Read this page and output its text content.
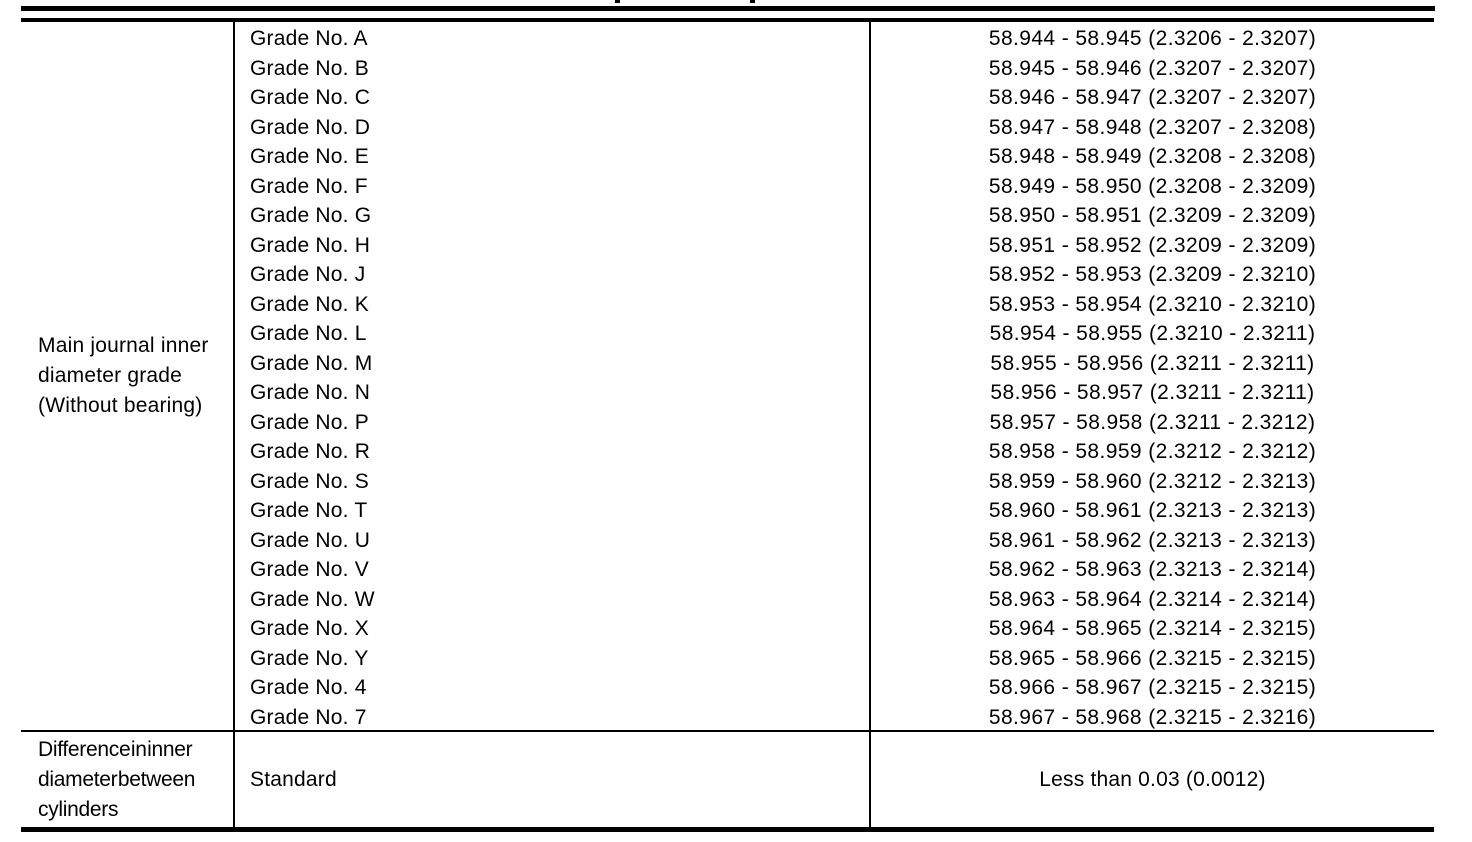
Main journal inner
diameter grade
(Without bearing)
Grade No. A
Grade No. B
Grade No. C
Grade No. D
Grade No. E
Grade No. F
Grade No. G
Grade No. H
Grade No. J
Grade No. K
Grade No. L
Grade No. M
Grade No. N
Grade No. P
Grade No. R
Grade No. S
Grade No. T
Grade No. U
Grade No. V
Grade No. W
Grade No. X
Grade No. Y
Grade No. 4
Grade No. 7
58.944 - 58.945 (2.3206 - 2.3207)
58.945 - 58.946 (2.3207 - 2.3207)
58.946 - 58.947 (2.3207 - 2.3207)
58.947 - 58.948 (2.3207 - 2.3208)
58.948 - 58.949 (2.3208 - 2.3208)
58.949 - 58.950 (2.3208 - 2.3209)
58.950 - 58.951 (2.3209 - 2.3209)
58.951 - 58.952 (2.3209 - 2.3209)
58.952 - 58.953 (2.3209 - 2.3210)
58.953 - 58.954 (2.3210 - 2.3210)
58.954 - 58.955 (2.3210 - 2.3211)
58.955 - 58.956 (2.3211 - 2.3211)
58.956 - 58.957 (2.3211 - 2.3211)
58.957 - 58.958 (2.3211 - 2.3212)
58.958 - 58.959 (2.3212 - 2.3212)
58.959 - 58.960 (2.3212 - 2.3213)
58.960 - 58.961 (2.3213 - 2.3213)
58.961 - 58.962 (2.3213 - 2.3213)
58.962 - 58.963 (2.3213 - 2.3214)
58.963 - 58.964 (2.3214 - 2.3214)
58.964 - 58.965 (2.3214 - 2.3215)
58.965 - 58.966 (2.3215 - 2.3215)
58.966 - 58.967 (2.3215 - 2.3215)
58.967 - 58.968 (2.3215 - 2.3216)
Difference in inner
diameter between
cylinders
Standard	Less than 0.03 (0.0012)
